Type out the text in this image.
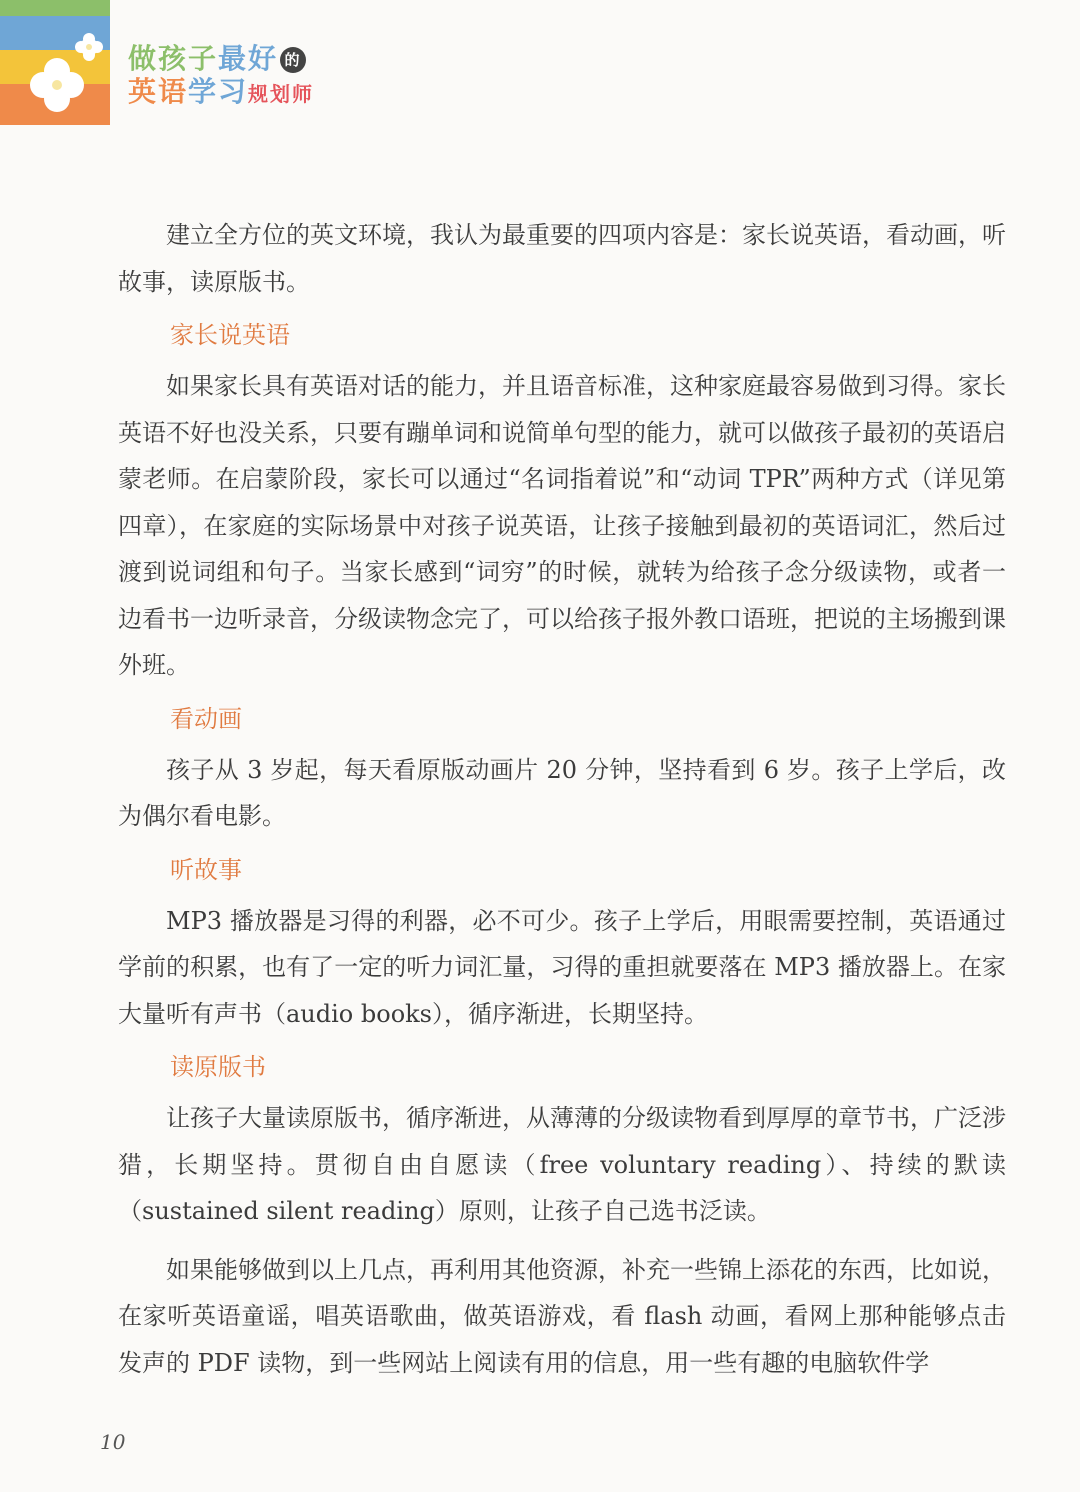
做孩子最好 的
英语学习规划师

建立全方位的英文环境，我认为最重要的四项内容是：家长说英语，看动画，听故事，读原版书。

家长说英语

如果家长具有英语对话的能力，并且语音标准，这种家庭最容易做到习得。家长英语不好也没关系，只要有蹦单词和说简单句型的能力，就可以做孩子最初的英语启蒙老师。在启蒙阶段，家长可以通过“名词指着说”和“动词 TPR”两种方式（详见第四章），在家庭的实际场景中对孩子说英语，让孩子接触到最初的英语词汇，然后过渡到说词组和句子。当家长感到“词穷”的时候，就转为给孩子念分级读物，或者一边看书一边听录音，分级读物念完了，可以给孩子报外教口语班，把说的主场搬到课外班。

看动画

孩子从 3 岁起，每天看原版动画片 20 分钟，坚持看到 6 岁。孩子上学后，改为偶尔看电影。

听故事

MP3 播放器是习得的利器，必不可少。孩子上学后，用眼需要控制，英语通过学前的积累，也有了一定的听力词汇量，习得的重担就要落在 MP3 播放器上。在家大量听有声书（audio books），循序渐进，长期坚持。

读原版书

让孩子大量读原版书，循序渐进，从薄薄的分级读物看到厚厚的章节书，广泛涉猎，长期坚持。贯彻自由自愿读（free voluntary reading）、持续的默读（sustained silent reading）原则，让孩子自己选书泛读。

如果能够做到以上几点，再利用其他资源，补充一些锦上添花的东西，比如说，在家听英语童谣，唱英语歌曲，做英语游戏，看 flash 动画，看网上那种能够点击发声的 PDF 读物，到一些网站上阅读有用的信息，用一些有趣的电脑软件学

10
